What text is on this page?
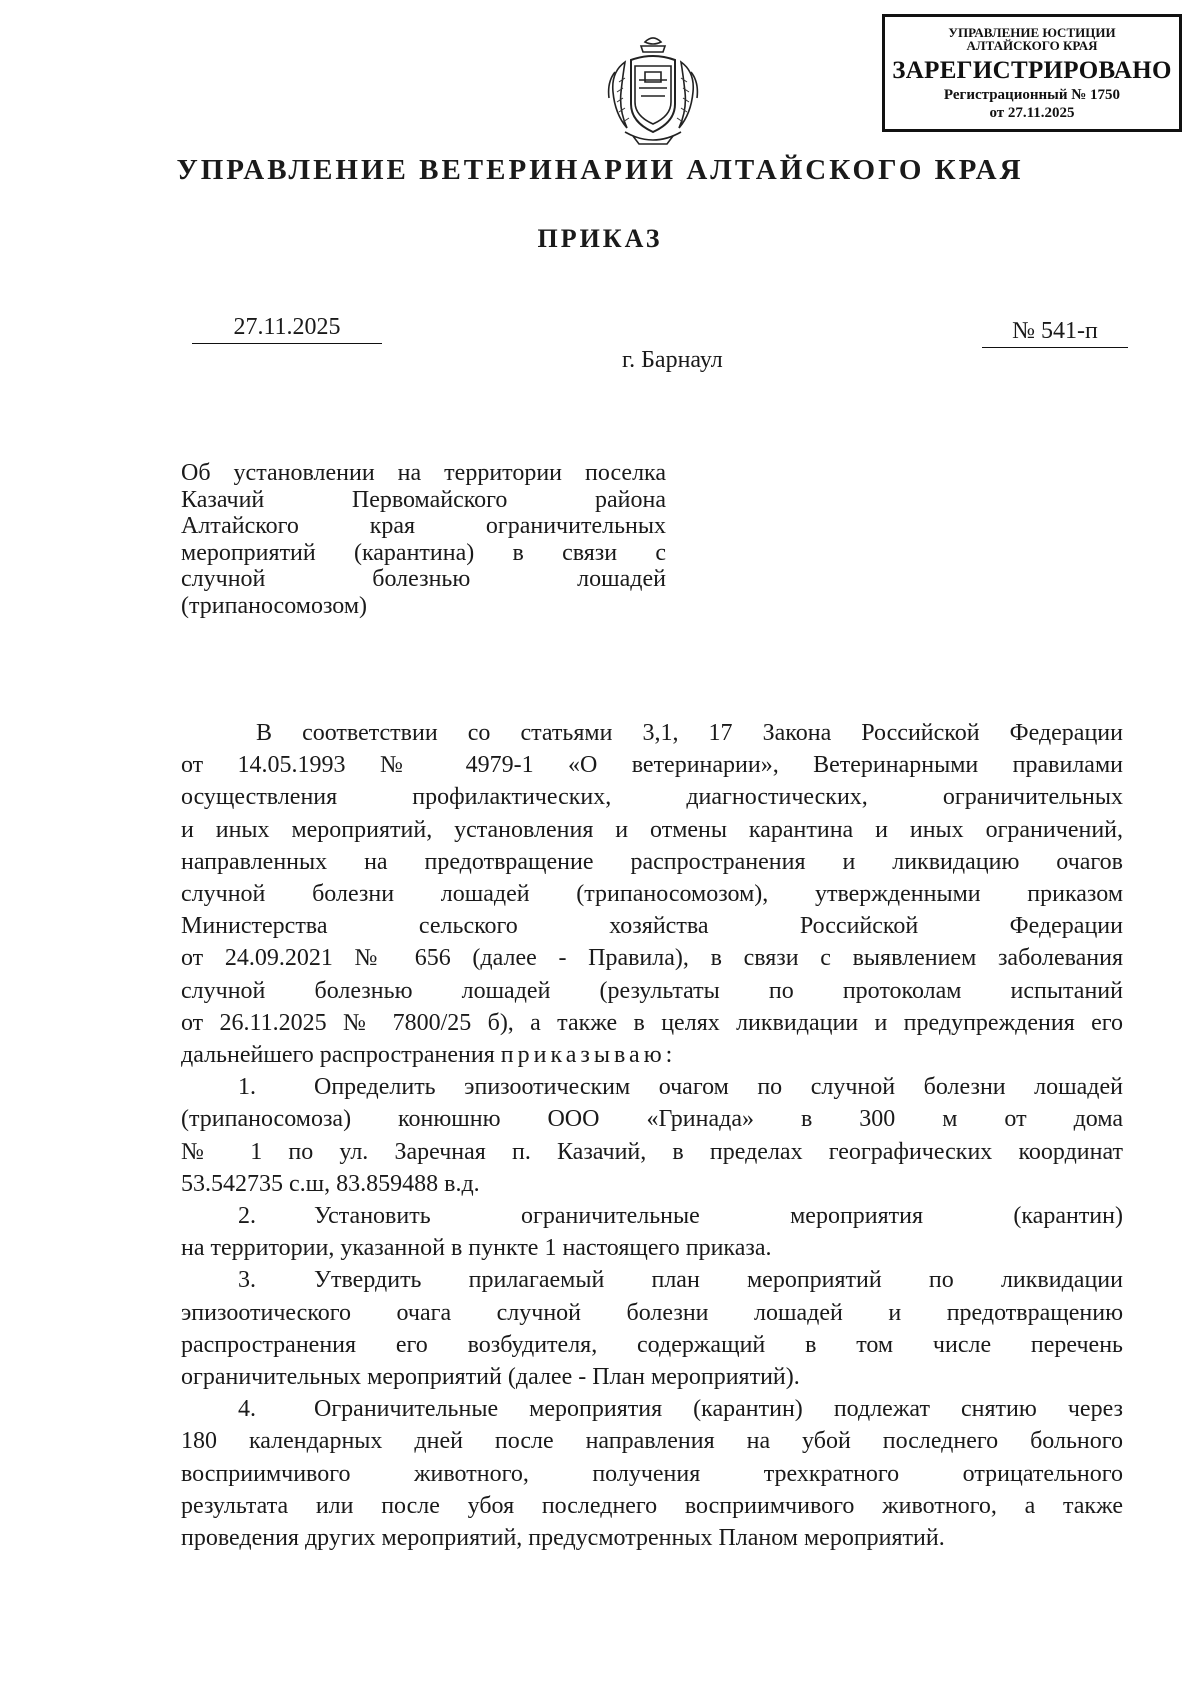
УПРАВЛЕНИЕ ЮСТИЦИИ
АЛТАЙСКОГО КРАЯ
ЗАРЕГИСТРИРОВАНО
Регистрационный № 1750
от 27.11.2025
УПРАВЛЕНИЕ ВЕТЕРИНАРИИ АЛТАЙСКОГО КРАЯ
ПРИКАЗ
27.11.2025	№ 541-п
г. Барнаул
Об установлении на территории поселка
Казачий Первомайского района
Алтайского края ограничительных
мероприятий (карантина) в связи с
случной болезнью лошадей
(трипаносомозом)

В соответствии со статьями 3,1, 17 Закона Российской Федерации
от 14.05.1993 № 4979-1 «О ветеринарии», Ветеринарными правилами
осуществления профилактических, диагностических, ограничительных
и иных мероприятий, установления и отмены карантина и иных ограничений,
направленных на предотвращение распространения и ликвидацию очагов
случной болезни лошадей (трипаносомозом), утвержденными приказом
Министерства сельского хозяйства Российской Федерации
от 24.09.2021 № 656 (далее - Правила), в связи с выявлением заболевания
случной болезнью лошадей (результаты по протоколам испытаний
от 26.11.2025 № 7800/25 б), а также в целях ликвидации и предупреждения его
дальнейшего распространения приказываю:

1. Определить эпизоотическим очагом по случной болезни лошадей
(трипаносомоза) конюшню ООО «Гринада» в 300 м от дома
№ 1 по ул. Заречная п. Казачий, в пределах географических координат
53.542735 с.ш, 83.859488 в.д.

2. Установить ограничительные мероприятия (карантин)
на территории, указанной в пункте 1 настоящего приказа.

3. Утвердить прилагаемый план мероприятий по ликвидации
эпизоотического очага случной болезни лошадей и предотвращению
распространения его возбудителя, содержащий в том числе перечень
ограничительных мероприятий (далее - План мероприятий).

4. Ограничительные мероприятия (карантин) подлежат снятию через
180 календарных дней после направления на убой последнего больного
восприимчивого животного, получения трехкратного отрицательного
результата или после убоя последнего восприимчивого животного, а также
проведения других мероприятий, предусмотренных Планом мероприятий.
